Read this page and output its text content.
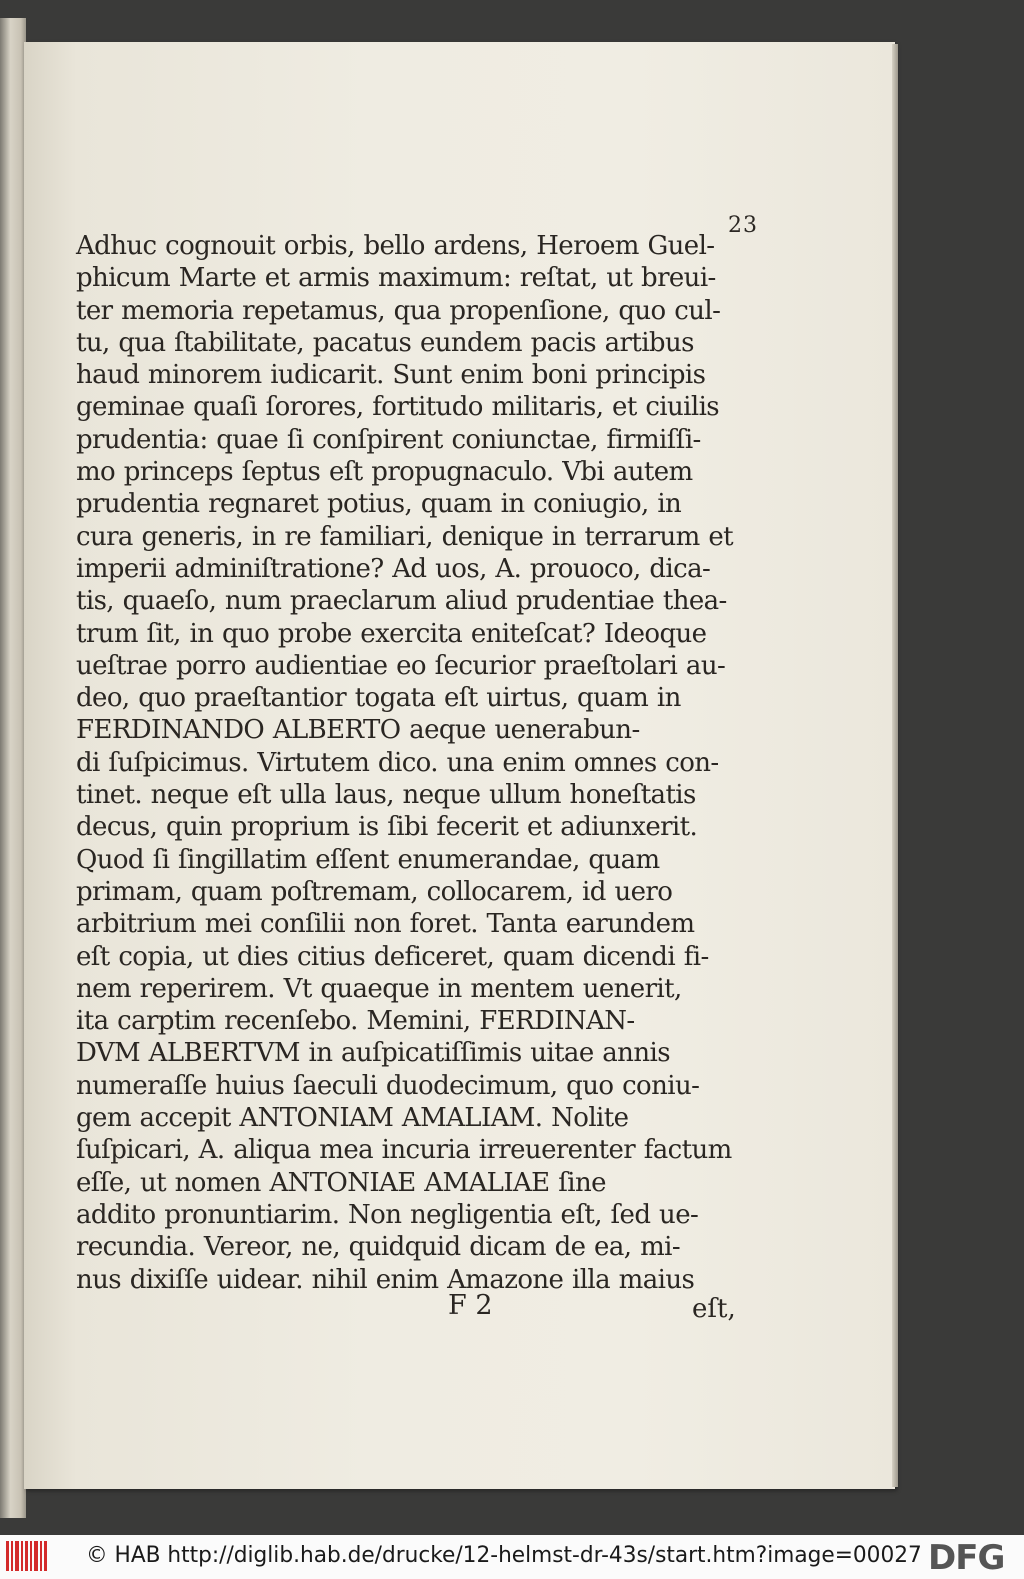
23
Adhuc cognouit orbis, bello ardens, Heroem Guel-
phicum Marte et armis maximum: reſtat, ut breui-
ter memoria repetamus, qua propenſione, quo cul-
tu, qua ſtabilitate, pacatus eundem pacis artibus
haud minorem iudicarit. Sunt enim boni principis
geminae quaſi ſorores, fortitudo militaris, et ciuilis
prudentia: quae ſi conſpirent coniunctae, firmiſſi-
mo princeps ſeptus eſt propugnaculo. Vbi autem
prudentia regnaret potius, quam in coniugio, in
cura generis, in re familiari, denique in terrarum et
imperii adminiſtratione? Ad uos, A. prouoco, dica-
tis, quaeſo, num praeclarum aliud prudentiae thea-
trum ſit, in quo probe exercita eniteſcat? Ideoque
ueſtrae porro audientiae eo ſecurior praeſtolari au-
deo, quo praeſtantior togata eſt uirtus, quam in
FERDINANDO ALBERTO aeque uenerabun-
di ſuſpicimus. Virtutem dico. una enim omnes con-
tinet. neque eſt ulla laus, neque ullum honeſtatis
decus, quin proprium is ſibi fecerit et adiunxerit.
Quod ſi ſingillatim eſſent enumerandae, quam
primam, quam poſtremam, collocarem, id uero
arbitrium mei conſilii non foret. Tanta earundem
eſt copia, ut dies citius deficeret, quam dicendi fi-
nem reperirem. Vt quaeque in mentem uenerit,
ita carptim recenſebo. Memini, FERDINAN-
DVM ALBERTVM in auſpicatiſſimis uitae annis
numeraſſe huius ſaeculi duodecimum, quo coniu-
gem accepit ANTONIAM AMALIAM. Nolite
ſuſpicari, A. aliqua mea incuria irreuerenter factum
eſſe, ut nomen ANTONIAE AMALIAE ſine
addito pronuntiarim. Non negligentia eſt, ſed ue-
recundia. Vereor, ne, quidquid dicam de ea, mi-
nus dixiſſe uidear. nihil enim Amazone illa maius
F 2	eſt,
© HAB http://diglib.hab.de/drucke/12-helmst-dr-43s/start.htm?image=00027 DFG
